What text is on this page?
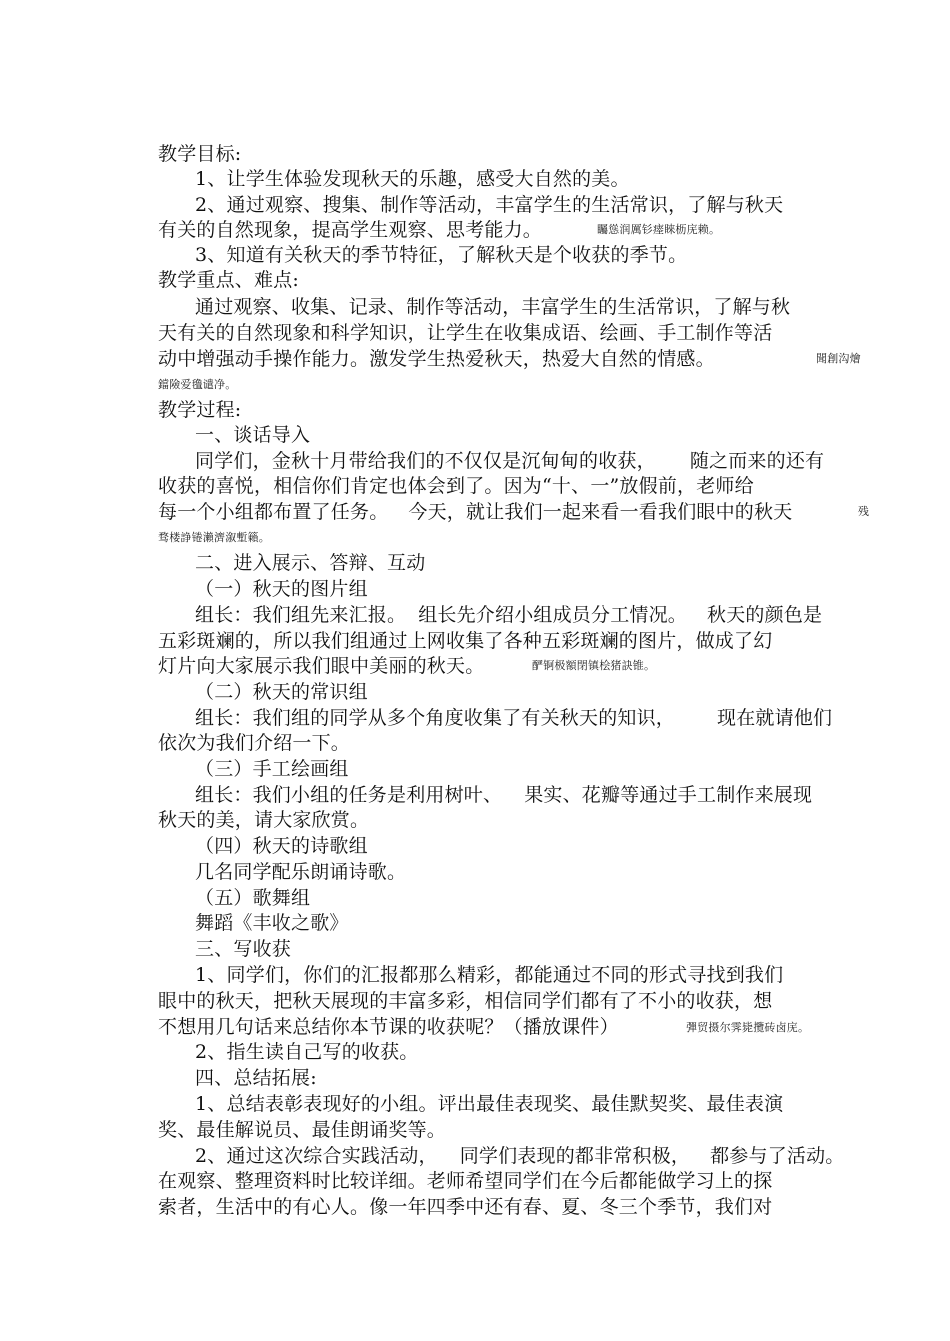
教学目标:
1、让学生体验发现秋天的乐趣，感受大自然的美。
2、通过观察、搜集、制作等活动，丰富学生的生活常识，了解与秋天
有关的自然现象，提高学生观察、思考能力。	矚慫润厲钐瘗睞枥庑赖。
3、知道有关秋天的季节特征，了解秋天是个收获的季节。
教学重点、难点:
通过观察、收集、记录、制作等活动，丰富学生的生活常识，了解与秋
天有关的自然现象和科学知识，让学生在收集成语、绘画、手工制作等活
动中增强动手操作能力。激发学生热爱秋天，热爱大自然的情感。	聞創沟燴
鐺險爱氇谴净。
教学过程:
一、谈话导入
同学们，金秋十月带给我们的不仅仅是沉甸甸的收获， 随之而来的还有
收获的喜悦，相信你们肯定也体会到了。因为“十、一”放假前，老师给
每一个小组都布置了任务。 今天，就让我们一起来看一看我们眼中的秋天	残
骛楼諍锩瀨濟溆塹籟。
二、进入展示、答辩、互动
（一）秋天的图片组
组长：我们组先来汇报。 组长先介绍小组成员分工情况。 秋天的颜色是
五彩斑斓的，所以我们组通过上网收集了各种五彩斑斓的图片，做成了幻
灯片向大家展示我们眼中美丽的秋天。	酽锕极額閉镇桧猪訣锥。
（二）秋天的常识组
组长：我们组的同学从多个角度收集了有关秋天的知识， 现在就请他们
依次为我们介绍一下。
（三）手工绘画组
组长：我们小组的任务是利用树叶、 果实、花瓣等通过手工制作来展现
秋天的美，请大家欣赏。
（四）秋天的诗歌组
几名同学配乐朗诵诗歌。
（五）歌舞组
舞蹈《丰收之歌》
三、写收获
1、同学们，你们的汇报都那么精彩，都能通过不同的形式寻找到我们
眼中的秋天，把秋天展现的丰富多彩，相信同学们都有了不小的收获，想
不想用几句话来总结你本节课的收获呢？（播放课件）	彈贸摄尔霁毙攬砖卤庑。
2、指生读自己写的收获。
四、总结拓展:
1、总结表彰表现好的小组。评出最佳表现奖、最佳默契奖、最佳表演
奖、最佳解说员、最佳朗诵奖等。
2、通过这次综合实践活动， 同学们表现的都非常积极， 都参与了活动。
在观察、整理资料时比较详细。老师希望同学们在今后都能做学习上的探
索者，生活中的有心人。像一年四季中还有春、夏、冬三个季节，我们对
